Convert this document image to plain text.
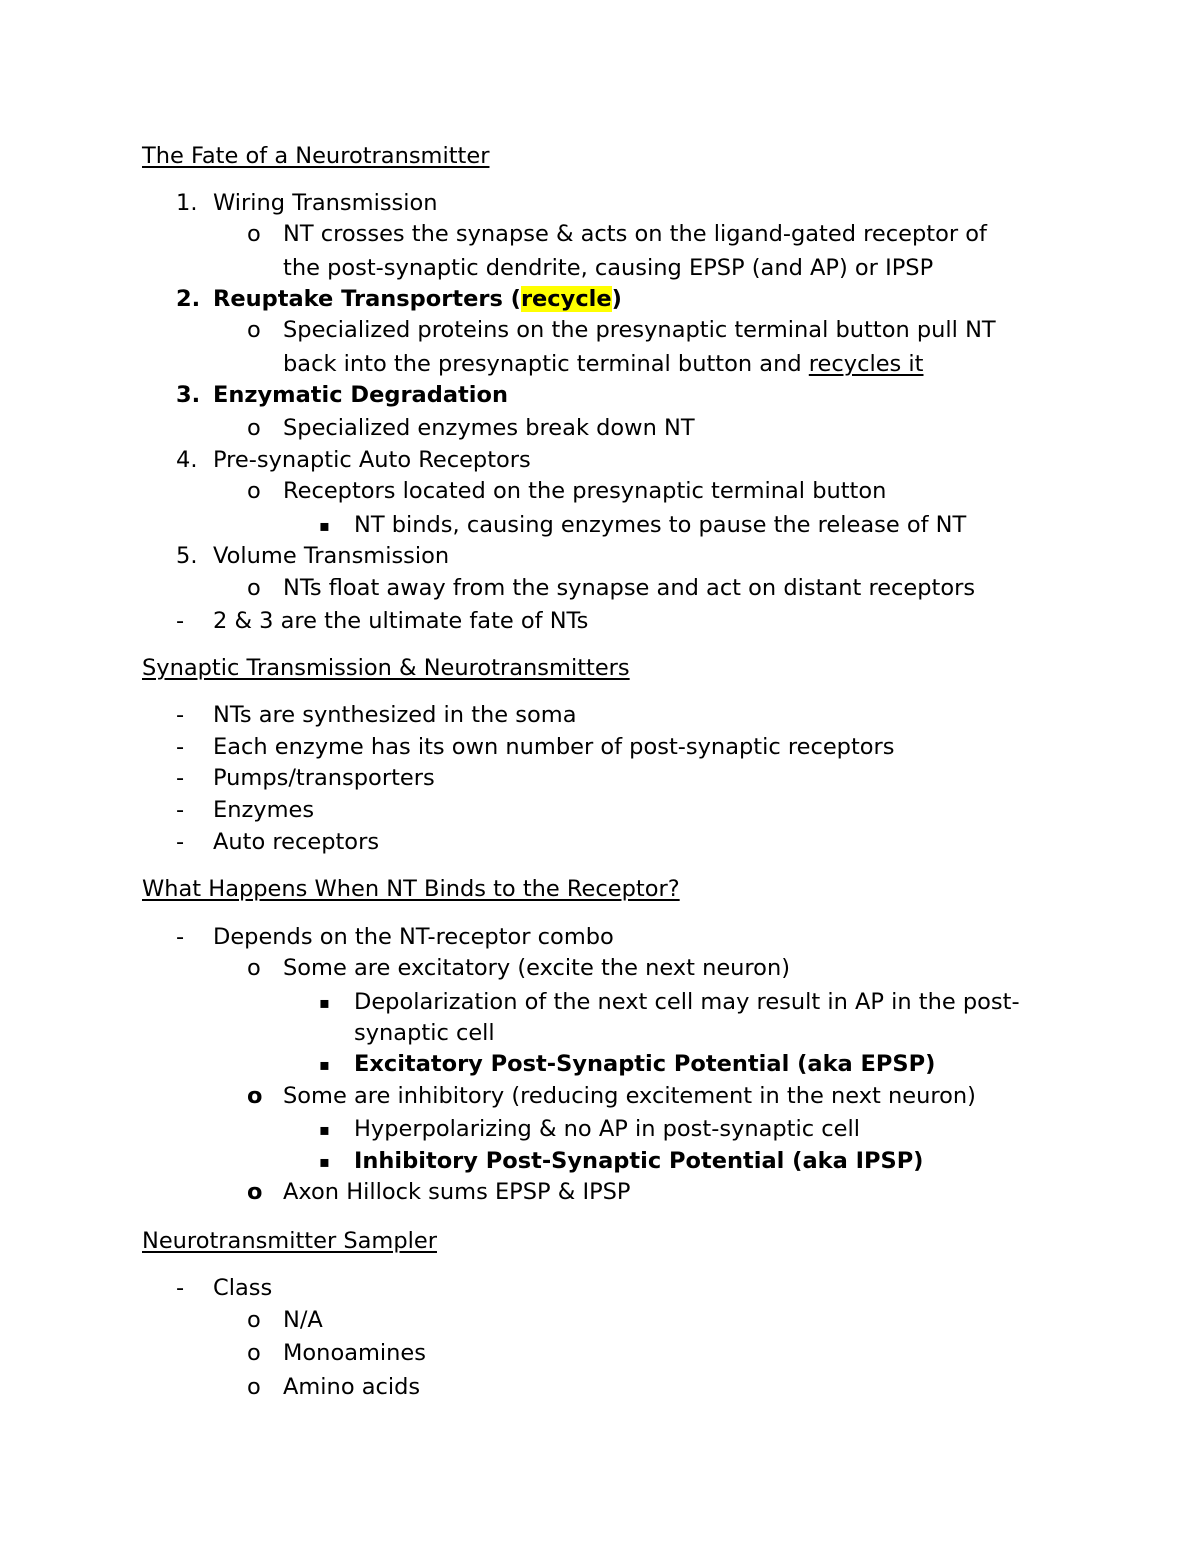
The Fate of a Neurotransmitter
1. Wiring Transmission
o NT crosses the synapse & acts on the ligand-gated receptor of
the post-synaptic dendrite, causing EPSP (and AP) or IPSP
2. Reuptake Transporters (recycle)
o Specialized proteins on the presynaptic terminal button pull NT
back into the presynaptic terminal button and recycles it
3. Enzymatic Degradation
o Specialized enzymes break down NT
4. Pre-synaptic Auto Receptors
o Receptors located on the presynaptic terminal button
▪ NT binds, causing enzymes to pause the release of NT
5. Volume Transmission
o NTs float away from the synapse and act on distant receptors
- 2 & 3 are the ultimate fate of NTs
Synaptic Transmission & Neurotransmitters
- NTs are synthesized in the soma
- Each enzyme has its own number of post-synaptic receptors
- Pumps/transporters
- Enzymes
- Auto receptors
What Happens When NT Binds to the Receptor?
- Depends on the NT-receptor combo
o Some are excitatory (excite the next neuron)
▪ Depolarization of the next cell may result in AP in the post-
synaptic cell
▪ Excitatory Post-Synaptic Potential (aka EPSP)
o Some are inhibitory (reducing excitement in the next neuron)
▪ Hyperpolarizing & no AP in post-synaptic cell
▪ Inhibitory Post-Synaptic Potential (aka IPSP)
o Axon Hillock sums EPSP & IPSP
Neurotransmitter Sampler
- Class
o N/A
o Monoamines
o Amino acids
